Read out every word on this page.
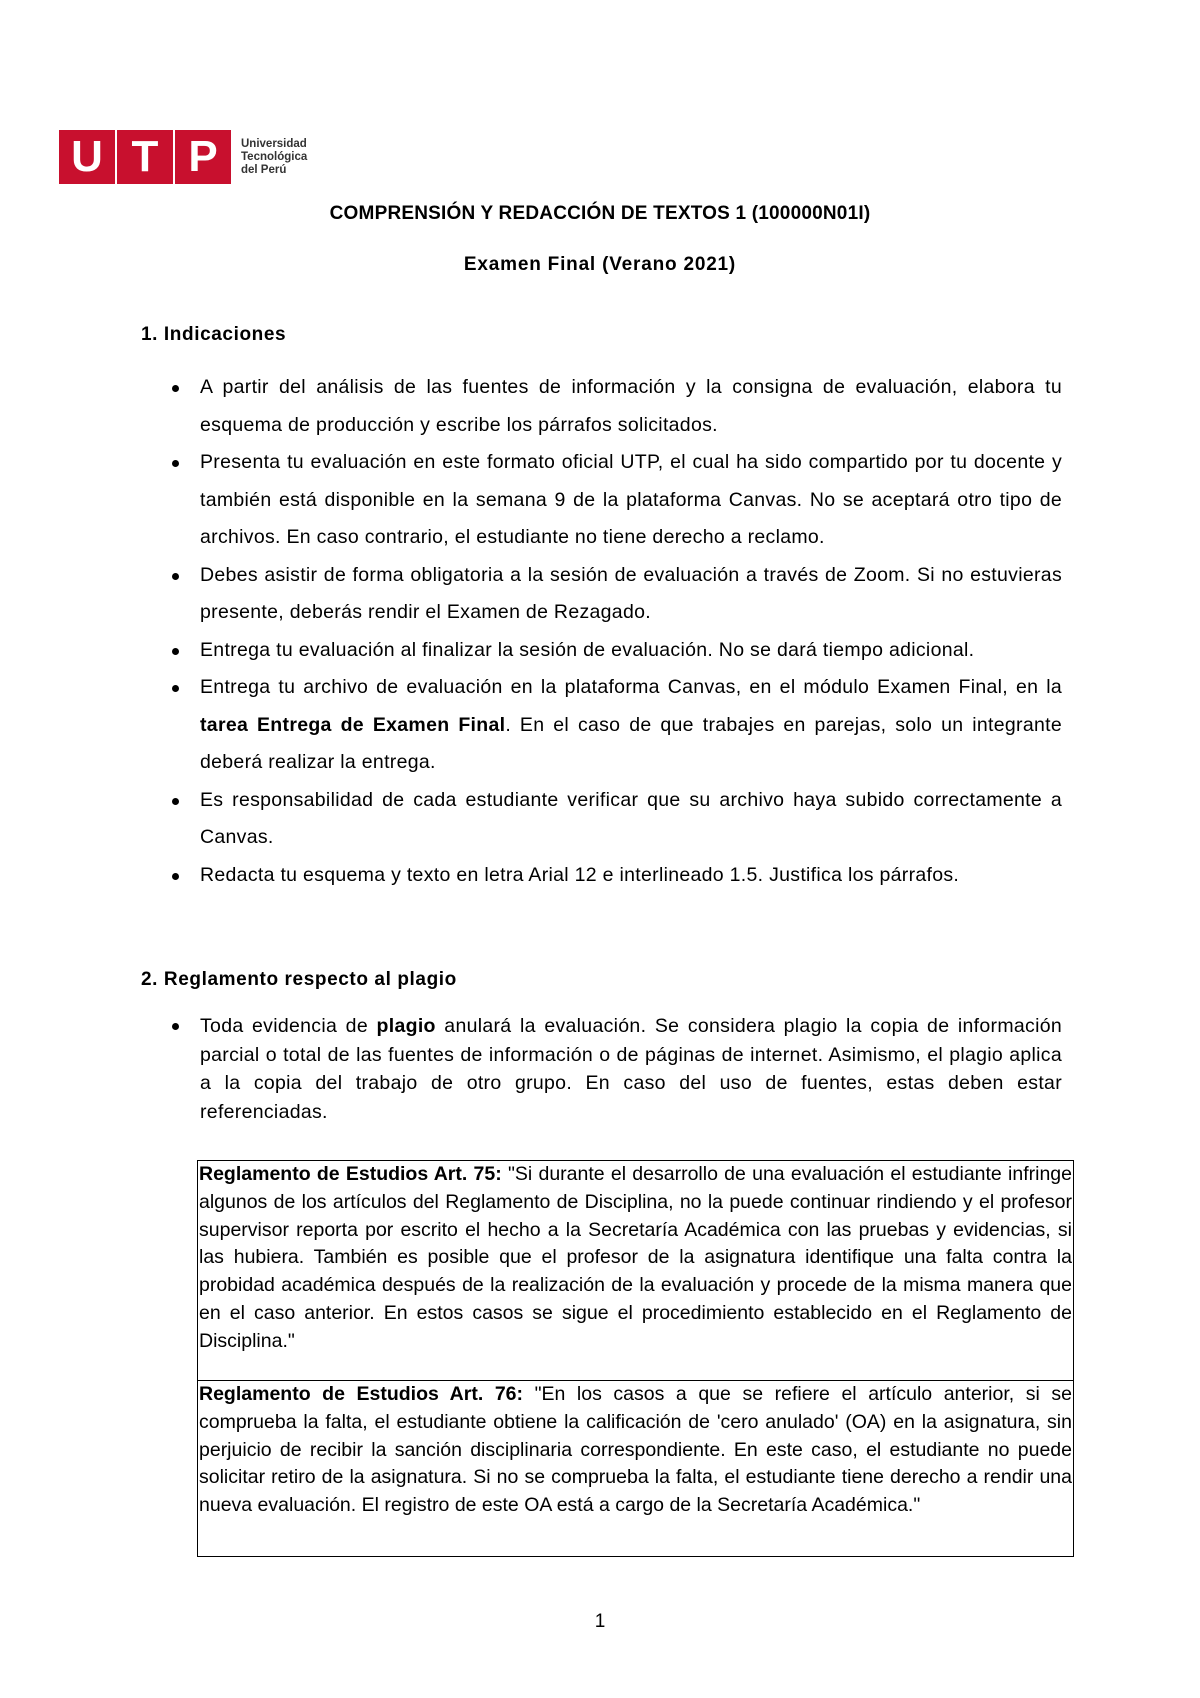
U T P	Universidad
Tecnológica
del Perú
COMPRENSIÓN Y REDACCIÓN DE TEXTOS 1 (100000N01I)
Examen Final (Verano 2021)
1. Indicaciones
A partir del análisis de las fuentes de información y la consigna de evaluación, elabora tu esquema de producción y escribe los párrafos solicitados.
Presenta tu evaluación en este formato oficial UTP, el cual ha sido compartido por tu docente y también está disponible en la semana 9 de la plataforma Canvas. No se aceptará otro tipo de archivos. En caso contrario, el estudiante no tiene derecho a reclamo.
Debes asistir de forma obligatoria a la sesión de evaluación a través de Zoom. Si no estuvieras presente, deberás rendir el Examen de Rezagado.
Entrega tu evaluación al finalizar la sesión de evaluación. No se dará tiempo adicional.
Entrega tu archivo de evaluación en la plataforma Canvas, en el módulo Examen Final, en la tarea Entrega de Examen Final. En el caso de que trabajes en parejas, solo un integrante deberá realizar la entrega.
Es responsabilidad de cada estudiante verificar que su archivo haya subido correctamente a Canvas.
Redacta tu esquema y texto en letra Arial 12 e interlineado 1.5. Justifica los párrafos.
2. Reglamento respecto al plagio
Toda evidencia de plagio anulará la evaluación. Se considera plagio la copia de información parcial o total de las fuentes de información o de páginas de internet. Asimismo, el plagio aplica a la copia del trabajo de otro grupo. En caso del uso de fuentes, estas deben estar referenciadas.
Reglamento de Estudios Art. 75: "Si durante el desarrollo de una evaluación el estudiante infringe algunos de los artículos del Reglamento de Disciplina, no la puede continuar rindiendo y el profesor supervisor reporta por escrito el hecho a la Secretaría Académica con las pruebas y evidencias, si las hubiera. También es posible que el profesor de la asignatura identifique una falta contra la probidad académica después de la realización de la evaluación y procede de la misma manera que en el caso anterior. En estos casos se sigue el procedimiento establecido en el Reglamento de Disciplina."
Reglamento de Estudios Art. 76: "En los casos a que se refiere el artículo anterior, si se comprueba la falta, el estudiante obtiene la calificación de 'cero anulado' (OA) en la asignatura, sin perjuicio de recibir la sanción disciplinaria correspondiente. En este caso, el estudiante no puede solicitar retiro de la asignatura. Si no se comprueba la falta, el estudiante tiene derecho a rendir una nueva evaluación. El registro de este OA está a cargo de la Secretaría Académica."
1
